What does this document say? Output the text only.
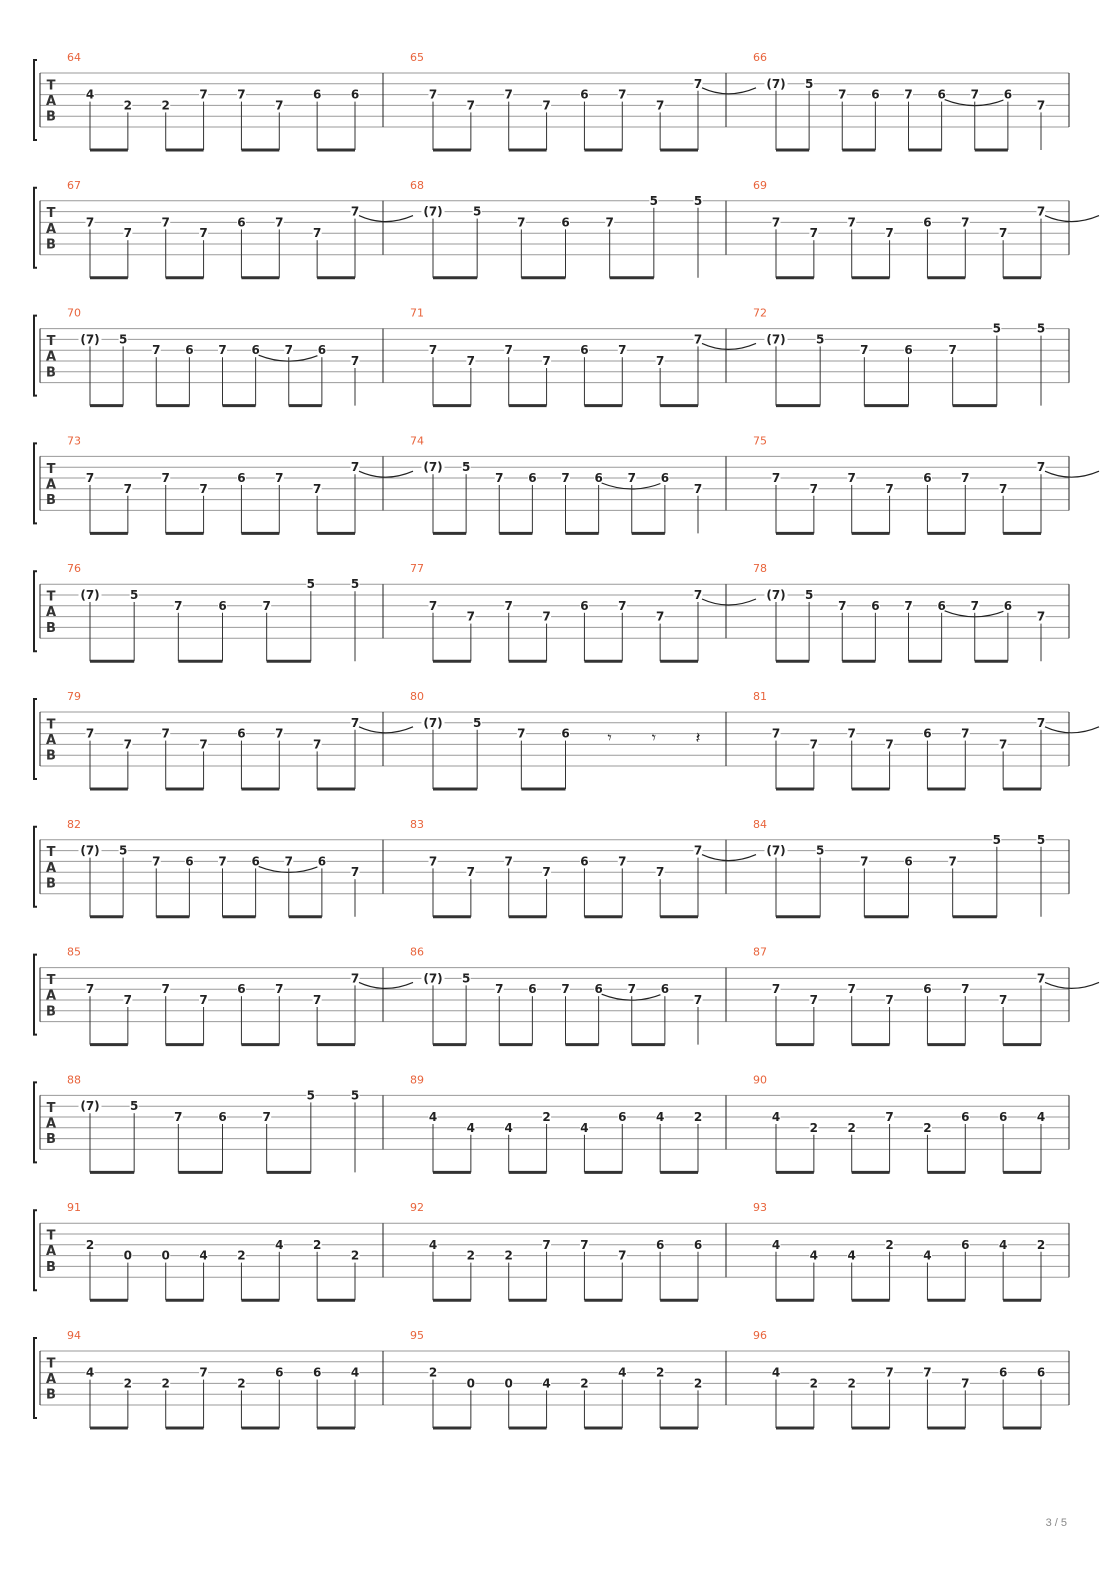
T
A
B
64
4
2 2
7 7
7
6 6
65
7
7
7
7
6 7
7
7
66
(7) 5
7 6 7 6 7 6
7
T
A
B
67
7
7
7
7
6 7
7
7
68
(7)	5
7	6	7
5	5
69
7
7
7
7
6 7
7
7
T
A
B
70
(7) 5
7 6 7 6 7 6
7
71
7
7
7
7
6 7
7
7
72
(7)	5
7	6	7
5	5
T
A
B
73
7
7
7
7
6 7
7
7
74
(7) 5
7 6 7 6 7 6
7
75
7
7
7
7
6 7
7
7
T
A
B
76
(7)	5
7	6	7
5	5
77
7
7
7
7
6 7
7
7
78
(7) 5
7 6 7 6 7 6
7
T
A
B
79
7
7
7
7
6 7
7
7
80
(7)	5
7	6 𝄾 𝄾 𝄽
81
7
7
7
7
6 7
7
7
T
A
B
82
(7) 5
7 6 7 6 7 6
7
83
7
7
7
7
6 7
7
7
84
(7)	5
7	6	7
5	5
T
A
B
85
7
7
7
7
6 7
7
7
86
(7) 5
7 6 7 6 7 6
7
87
7
7
7
7
6 7
7
7
T
A
B
88
(7)	5
7	6	7
5	5
89
4
4 4
2
4
6 4 2
90
4
2 2
7
2
6 6 4
T
A
B
91
2
0 0 4 2
4 2
2
92
4
2 2
7 7
7
6 6
93
4
4 4
2
4
6 4 2
T
A
B
94
4
2 2
7
2
6 6 4
95
2
0 0 4 2
4 2
2
96
4
2 2
7 7
7
6 6
3 / 5
